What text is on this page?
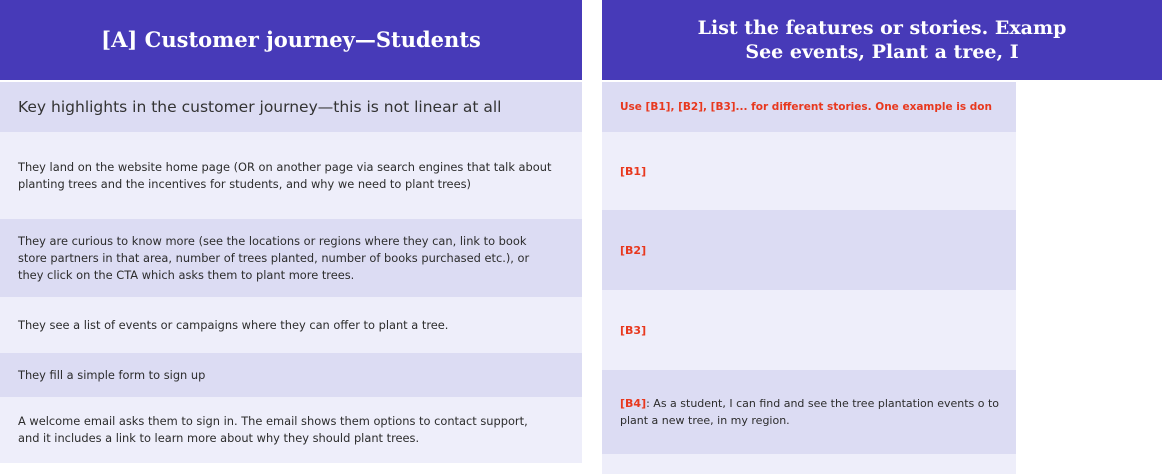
[A] Customer journey—Students
Key highlights in the customer journey—this is not linear at all
They land on the website home page (OR on another page via search engines that talk about planting trees and the incentives for students, and why we need to plant trees)
They are curious to know more (see the locations or regions where they can, link to book store partners in that area, number of trees planted, number of books purchased etc.), or they click on the CTA which asks them to plant more trees.
They see a list of events or campaigns where they can offer to plant a tree.
They fill a simple form to sign up
A welcome email asks them to sign in. The email shows them options to contact support, and it includes a link to learn more about why they should plant trees.
List the features or stories. Examp
See events, Plant a tree, I
Use [B1], [B2], [B3]... for different stories. One example is don
[B1]
[B2]
[B3]
[B4]: As a student, I can find and see the tree plantation events o to plant a new tree, in my region.
